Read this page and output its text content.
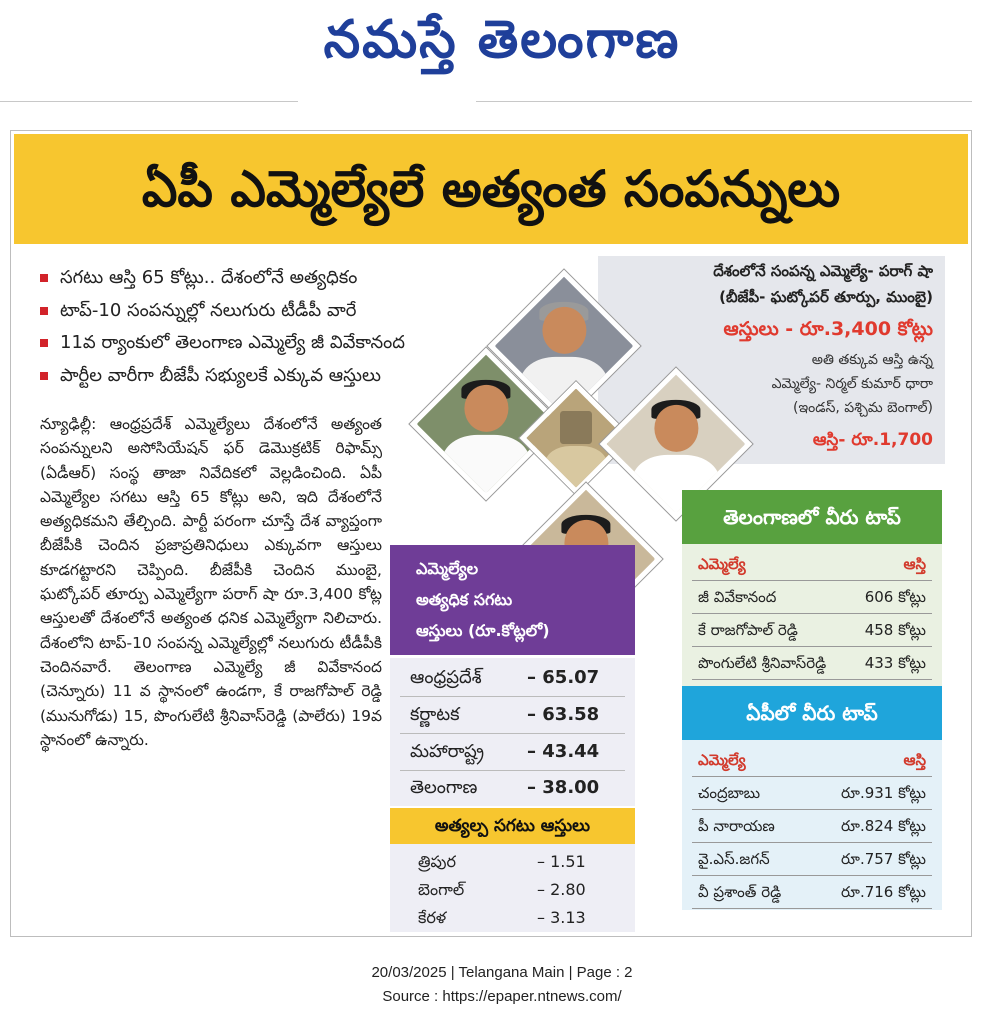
నమస్తే తెలంగాణ
ఏపీ ఎమ్మెల్యేలే అత్యంత సంపన్నులు
సగటు ఆస్తి 65 కోట్లు.. దేశంలోనే అత్యధికం
టాప్‌-10 సంపన్నుల్లో నలుగురు టీడీపీ వారే
11వ ర్యాంకులో తెలంగాణ ఎమ్మెల్యే జీ వివేకానంద
పార్టీల వారీగా బీజేపీ సభ్యులకే ఎక్కువ ఆస్తులు

న్యూఢిల్లీ: ఆంధ్రప్రదేశ్‌ ఎమ్మెల్యేలు దేశంలోనే అత్యంత సంపన్నులని అసోసియేషన్‌ ఫర్‌ డెమొక్రటిక్‌ రిఫామ్స్‌ (ఏడీఆర్‌) సంస్థ తాజా నివేదికలో వెల్లడించింది. ఏపీ ఎమ్మెల్యేల సగటు ఆస్తి 65 కోట్లు అని, ఇది దేశంలోనే అత్యధికమని తేల్చింది. పార్టీ పరంగా చూస్తే దేశ వ్యాప్తంగా బీజేపీకి చెందిన ప్రజాప్రతినిధులు ఎక్కువగా ఆస్తులు కూడగట్టారని చెప్పింది. బీజేపీకి చెందిన ముంబై, ఘట్కోపర్‌ తూర్పు ఎమ్మెల్యేగా పరాగ్‌ షా రూ.3,400 కోట్ల ఆస్తులతో దేశంలోనే అత్యంత ధనిక ఎమ్మెల్యేగా నిలిచారు. దేశంలోని టాప్‌-10 సంపన్న ఎమ్మెల్యేల్లో నలుగురు టీడీపీకి చెందినవారే. తెలంగాణ ఎమ్మెల్యే జీ వివేకానంద (చెన్నూరు) 11 వ స్థానంలో ఉండగా, కే రాజగోపాల్‌ రెడ్డి (మునుగోడు) 15, పొంగులేటి శ్రీనివాస్‌రెడ్డి (పాలేరు) 19వ స్థానంలో ఉన్నారు.

దేశంలోనే సంపన్న ఎమ్మెల్యే- పరాగ్‌ షా
(బీజేపీ- ఘట్కోపర్‌ తూర్పు, ముంబై)
ఆస్తులు - రూ.3,400 కోట్లు
అతి తక్కువ ఆస్తి ఉన్న
ఎమ్మెల్యే- నిర్మల్‌ కుమార్‌ ధారా
(ఇండస్‌, పశ్చిమ బెంగాల్‌)
ఆస్తి- రూ.1,700
ఎమ్మెల్యేల
అత్యధిక సగటు
ఆస్తులు (రూ.కోట్లలో)
ఆంధ్రప్రదేశ్‌	– 65.07
కర్ణాటక	– 63.58
మహారాష్ట్ర – 43.44
తెలంగాణ	– 38.00
అత్యల్ప సగటు ఆస్తులు
త్రిపుర	– 1.51
బెంగాల్‌	– 2.80
కేరళ	– 3.13
తెలంగాణలో వీరు టాప్‌
ఎమ్మెల్యే	ఆస్తి
జీ వివేకానంద	606 కోట్లు
కే రాజగోపాల్‌ రెడ్డి	458 కోట్లు
పొంగులేటి శ్రీనివాస్‌రెడ్డి	433 కోట్లు
ఏపీలో వీరు టాప్‌
ఎమ్మెల్యే	ఆస్తి
చంద్రబాబు	రూ.931 కోట్లు
పీ నారాయణ	రూ.824 కోట్లు
వై.ఎస్‌.జగన్‌	రూ.757 కోట్లు
వీ ప్రశాంత్‌ రెడ్డి	రూ.716 కోట్లు
20/03/2025 | Telangana Main | Page : 2
Source : https://epaper.ntnews.com/
